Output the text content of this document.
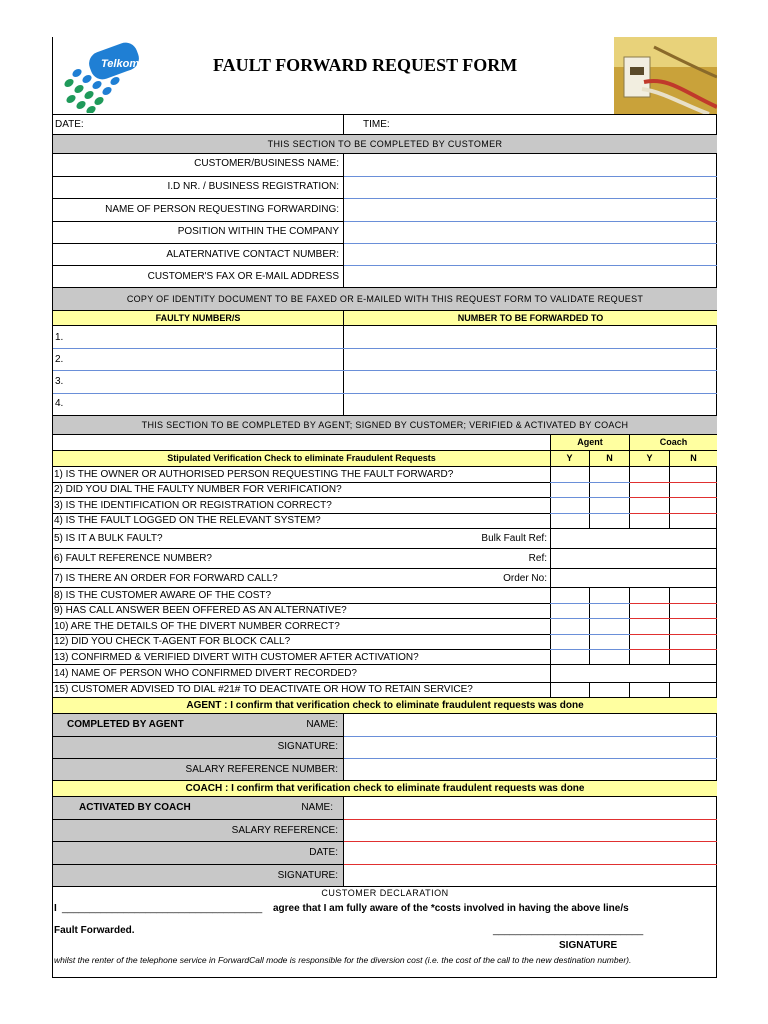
Telkom	FAULT FORWARD REQUEST FORM
DATE:	TIME:
THIS SECTION TO BE COMPLETED BY CUSTOMER
CUSTOMER/BUSINESS NAME:
I.D NR. / BUSINESS REGISTRATION:
NAME OF PERSON REQUESTING FORWARDING:
POSITION WITHIN THE COMPANY
ALATERNATIVE CONTACT NUMBER:
CUSTOMER'S FAX OR E-MAIL ADDRESS
COPY OF IDENTITY DOCUMENT TO BE FAXED OR E-MAILED WITH THIS REQUEST FORM TO VALIDATE REQUEST
FAULTY NUMBER/S	NUMBER TO BE FORWARDED TO
1.
2.
3.
4.
THIS SECTION TO BE COMPLETED BY AGENT; SIGNED BY CUSTOMER; VERIFIED & ACTIVATED BY COACH
Agent	Coach
Stipulated Verification Check to eliminate Fraudulent Requests	Y	N	Y	N
1) IS THE OWNER OR AUTHORISED PERSON REQUESTING THE FAULT FORWARD?
2) DID YOU DIAL THE FAULTY NUMBER FOR VERIFICATION?
3) IS THE IDENTIFICATION OR REGISTRATION CORRECT?
4) IS THE FAULT LOGGED ON THE RELEVANT SYSTEM?
5) IS IT A BULK FAULT?	Bulk Fault Ref:
6) FAULT REFERENCE NUMBER?	Ref:
7) IS THERE AN ORDER FOR FORWARD CALL?	Order No:
8) IS THE CUSTOMER AWARE OF THE COST?
9) HAS CALL ANSWER BEEN OFFERED AS AN ALTERNATIVE?
10) ARE THE DETAILS OF THE DIVERT NUMBER CORRECT?
12) DID YOU CHECK T-AGENT FOR BLOCK CALL?
13) CONFIRMED & VERIFIED DIVERT WITH CUSTOMER AFTER ACTIVATION?
14) NAME OF PERSON WHO CONFIRMED DIVERT RECORDED?
15) CUSTOMER ADVISED TO DIAL #21# TO DEACTIVATE OR HOW TO RETAIN SERVICE?
AGENT : I confirm that verification check to eliminate fraudulent requests was done
COMPLETED BY AGENT	NAME:
SIGNATURE:
SALARY REFERENCE NUMBER:
COACH : I confirm that verification check to eliminate fraudulent requests was done
ACTIVATED BY COACH	NAME:
SALARY REFERENCE:
DATE:
SIGNATURE:
CUSTOMER DECLARATION
I ____________________________________ agree that I am fully aware of the *costs involved in having the above line/s
Fault Forwarded.	___________________________
SIGNATURE
whilst the renter of the telephone service in ForwardCall mode is responsible for the diversion cost (i.e. the cost of the call to the new destination number).
